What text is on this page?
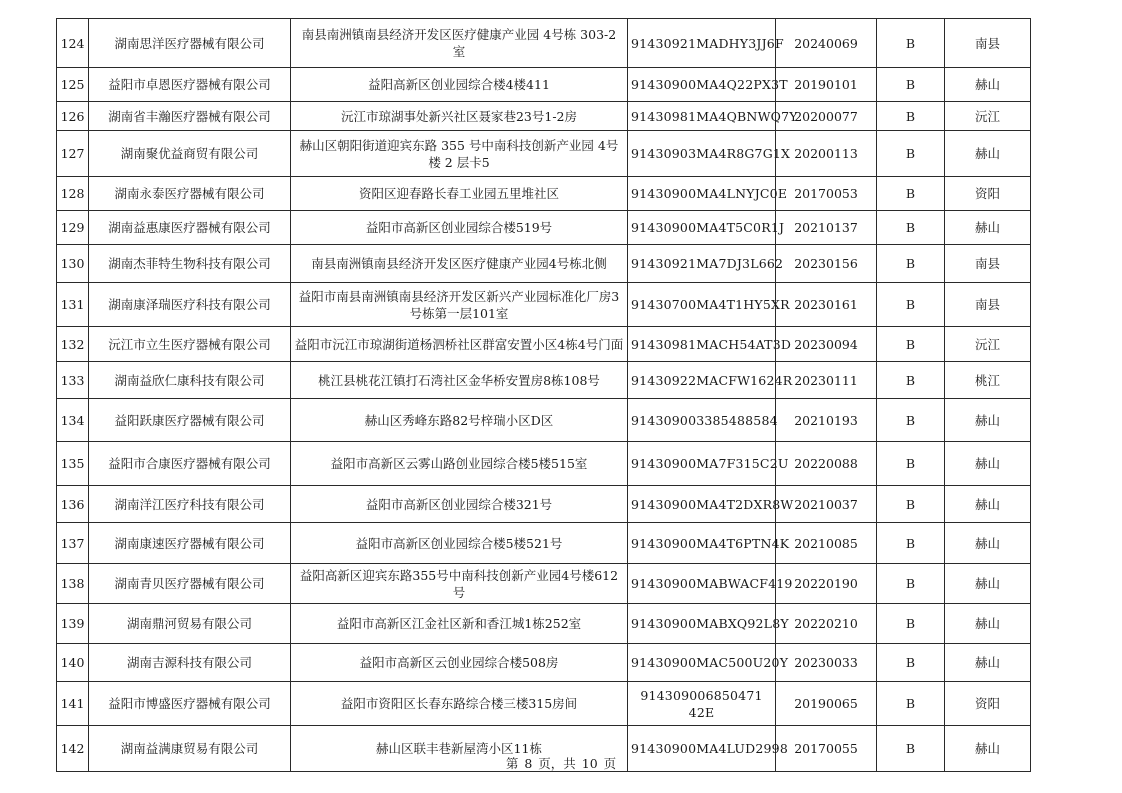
124	湖南思洋医疗器械有限公司	南县南洲镇南县经济开发区医疗健康产业园 4号栋 303-2 室	91430921MADHY3JJ6F	20240069	B	南县
125	益阳市卓恩医疗器械有限公司	益阳高新区创业园综合楼4楼411	91430900MA4Q22PX3T	20190101	B	赫山
126	湖南省丰瀚医疗器械有限公司	沅江市琼湖事处新兴社区聂家巷23号1-2房	91430981MA4QBNWQ7Y	20200077	B	沅江
127	湖南聚优益商贸有限公司	赫山区朝阳街道迎宾东路 355 号中南科技创新产业园 4号楼 2 层卡5	91430903MA4R8G7G1X	20200113	B	赫山
128	湖南永泰医疗器械有限公司	资阳区迎春路长春工业园五里堆社区	91430900MA4LNYJC0E	20170053	B	资阳
129	湖南益惠康医疗器械有限公司	益阳市高新区创业园综合楼519号	91430900MA4T5C0R1J	20210137	B	赫山
130	湖南杰菲特生物科技有限公司	南县南洲镇南县经济开发区医疗健康产业园4号栋北侧	91430921MA7DJ3L662	20230156	B	南县
131	湖南康泽瑞医疗科技有限公司	益阳市南县南洲镇南县经济开发区新兴产业园标准化厂房3号栋第一层101室	91430700MA4T1HY5XR	20230161	B	南县
132	沅江市立生医疗器械有限公司	益阳市沅江市琼湖街道杨泗桥社区群富安置小区4栋4号门面	91430981MACH54AT3D	20230094	B	沅江
133	湖南益欣仁康科技有限公司	桃江县桃花江镇打石湾社区金华桥安置房8栋108号	91430922MACFW1624R	20230111	B	桃江
134	益阳跃康医疗器械有限公司	赫山区秀峰东路82号梓瑞小区D区	914309003385488584	20210193	B	赫山
135	益阳市合康医疗器械有限公司	益阳市高新区云雾山路创业园综合楼5楼515室	91430900MA7F315C2U	20220088	B	赫山
136	湖南洋江医疗科技有限公司	益阳市高新区创业园综合楼321号	91430900MA4T2DXR8W	20210037	B	赫山
137	湖南康速医疗器械有限公司	益阳市高新区创业园综合楼5楼521号	91430900MA4T6PTN4K	20210085	B	赫山
138	湖南青贝医疗器械有限公司	益阳高新区迎宾东路355号中南科技创新产业园4号楼612号	91430900MABWACF419	20220190	B	赫山
139	湖南鼎河贸易有限公司	益阳市高新区江金社区新和香江城1栋252室	91430900MABXQ92L8Y	20220210	B	赫山
140	湖南吉源科技有限公司	益阳市高新区云创业园综合楼508房	91430900MAC500U20Y	20230033	B	赫山
141	益阳市博盛医疗器械有限公司	益阳市资阳区长春东路综合楼三楼315房间	914309006850471​42E	20190065	B	资阳
142	湖南益满康贸易有限公司	赫山区联丰巷新屋湾小区11栋	91430900MA4LUD2998	20170055	B	赫山
第 8 页，共 10 页
